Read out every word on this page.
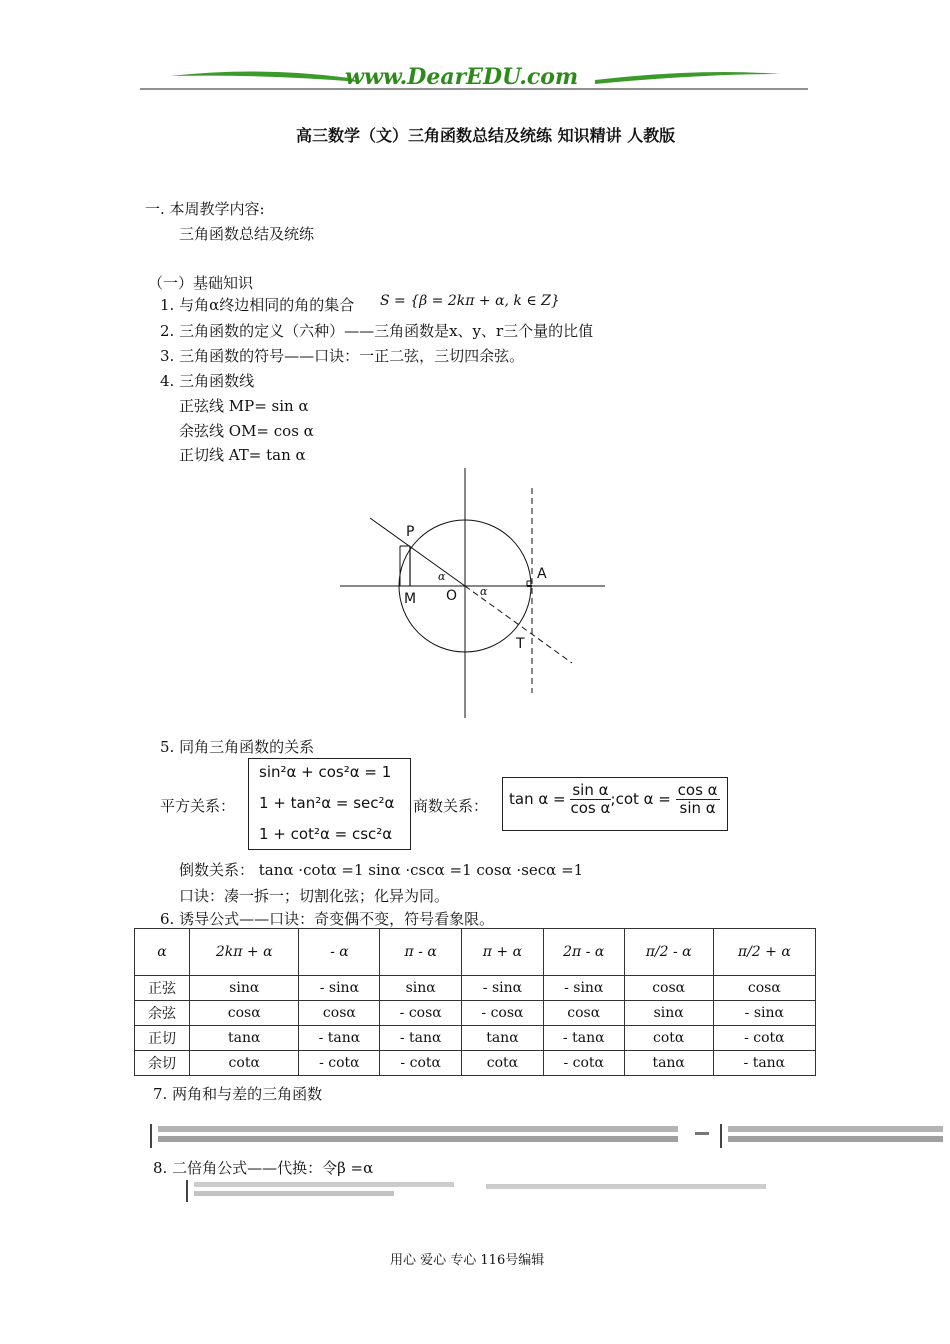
www.DearEDU.com
高三数学（文）三角函数总结及统练 知识精讲 人教版
一. 本周教学内容:
三角函数总结及统练
（一）基础知识
1. 与角α终边相同的角的集合 S = {β = 2kπ + α, k ∈ Z}
2. 三角函数的定义（六种）——三角函数是x、y、r三个量的比值
3. 三角函数的符号——口诀：一正二弦，三切四余弦。
4. 三角函数线
正弦线 MP= sin α
余弦线 OM= cos α
正切线 AT= tan α
P
M O
A
T
α
α
5. 同角三角函数的关系
平方关系：
sin²α + cos²α = 1
1 + tan²α = sec²α
1 + cot²α = csc²α
商数关系： $\tan \alpha = \frac{\text{sin α}}{\text{cos α}}$ ;cot $\alpha = \frac{\text{cos α}}{\text{sin α}}$
倒数关系： tanα ·cotα =1 sinα ·cscα =1 cosα ·secα =1
口诀：凑一拆一；切割化弦；化异为同。
6. 诱导公式——口诀：奇变偶不变，符号看象限。
α	2kπ + α	- α	π - α	π + α	2π - α	π/2 - α	π/2 + α
正弦	sinα	- sinα	sinα	- sinα	- sinα	cosα	cosα
余弦	cosα	cosα	- cosα	- cosα	cosα	sinα	- sinα
正切	tanα	- tanα	- tanα	tanα	- tanα	cotα	- cotα
余切	cotα	- cotα	- cotα	cotα	- cotα	tanα	- tanα
7. 两角和与差的三角函数
8. 二倍角公式——代换：令β =α
用心 爱心 专心 116号编辑
